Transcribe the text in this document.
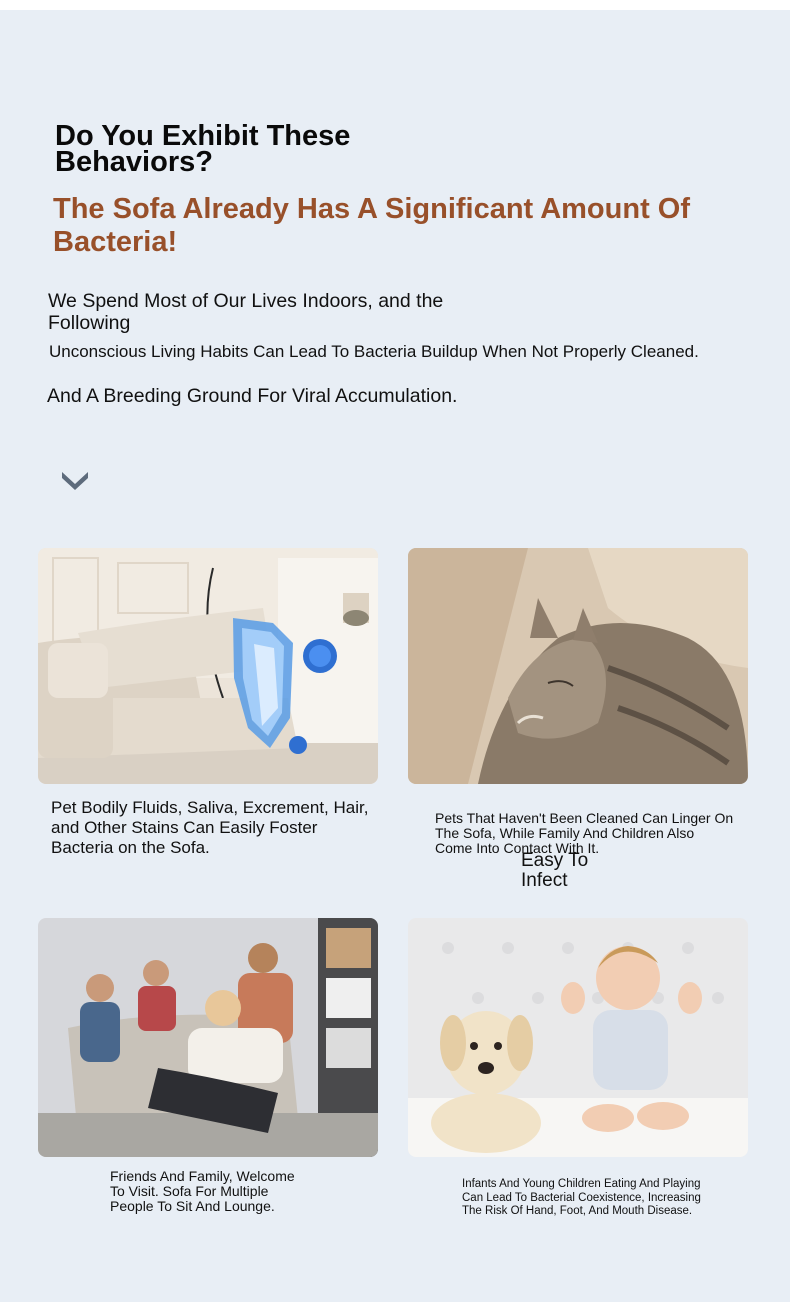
Do You Exhibit These Behaviors?
The Sofa Already Has A Significant Amount Of Bacteria!

We Spend Most of Our Lives Indoors, and the Following

Unconscious Living Habits Can Lead To Bacteria Buildup When Not Properly Cleaned.

And A Breeding Ground For Viral Accumulation.

Pet Bodily Fluids, Saliva, Excrement, Hair, and Other Stains Can Easily Foster Bacteria on the Sofa.

Pets That Haven't Been Cleaned Can Linger On The Sofa, While Family And Children Also Come Into Contact With It.

Easy To Infect

Friends And Family, Welcome To Visit. Sofa For Multiple People To Sit And Lounge.

Infants And Young Children Eating And Playing Can Lead To Bacterial Coexistence, Increasing The Risk Of Hand, Foot, And Mouth Disease.
